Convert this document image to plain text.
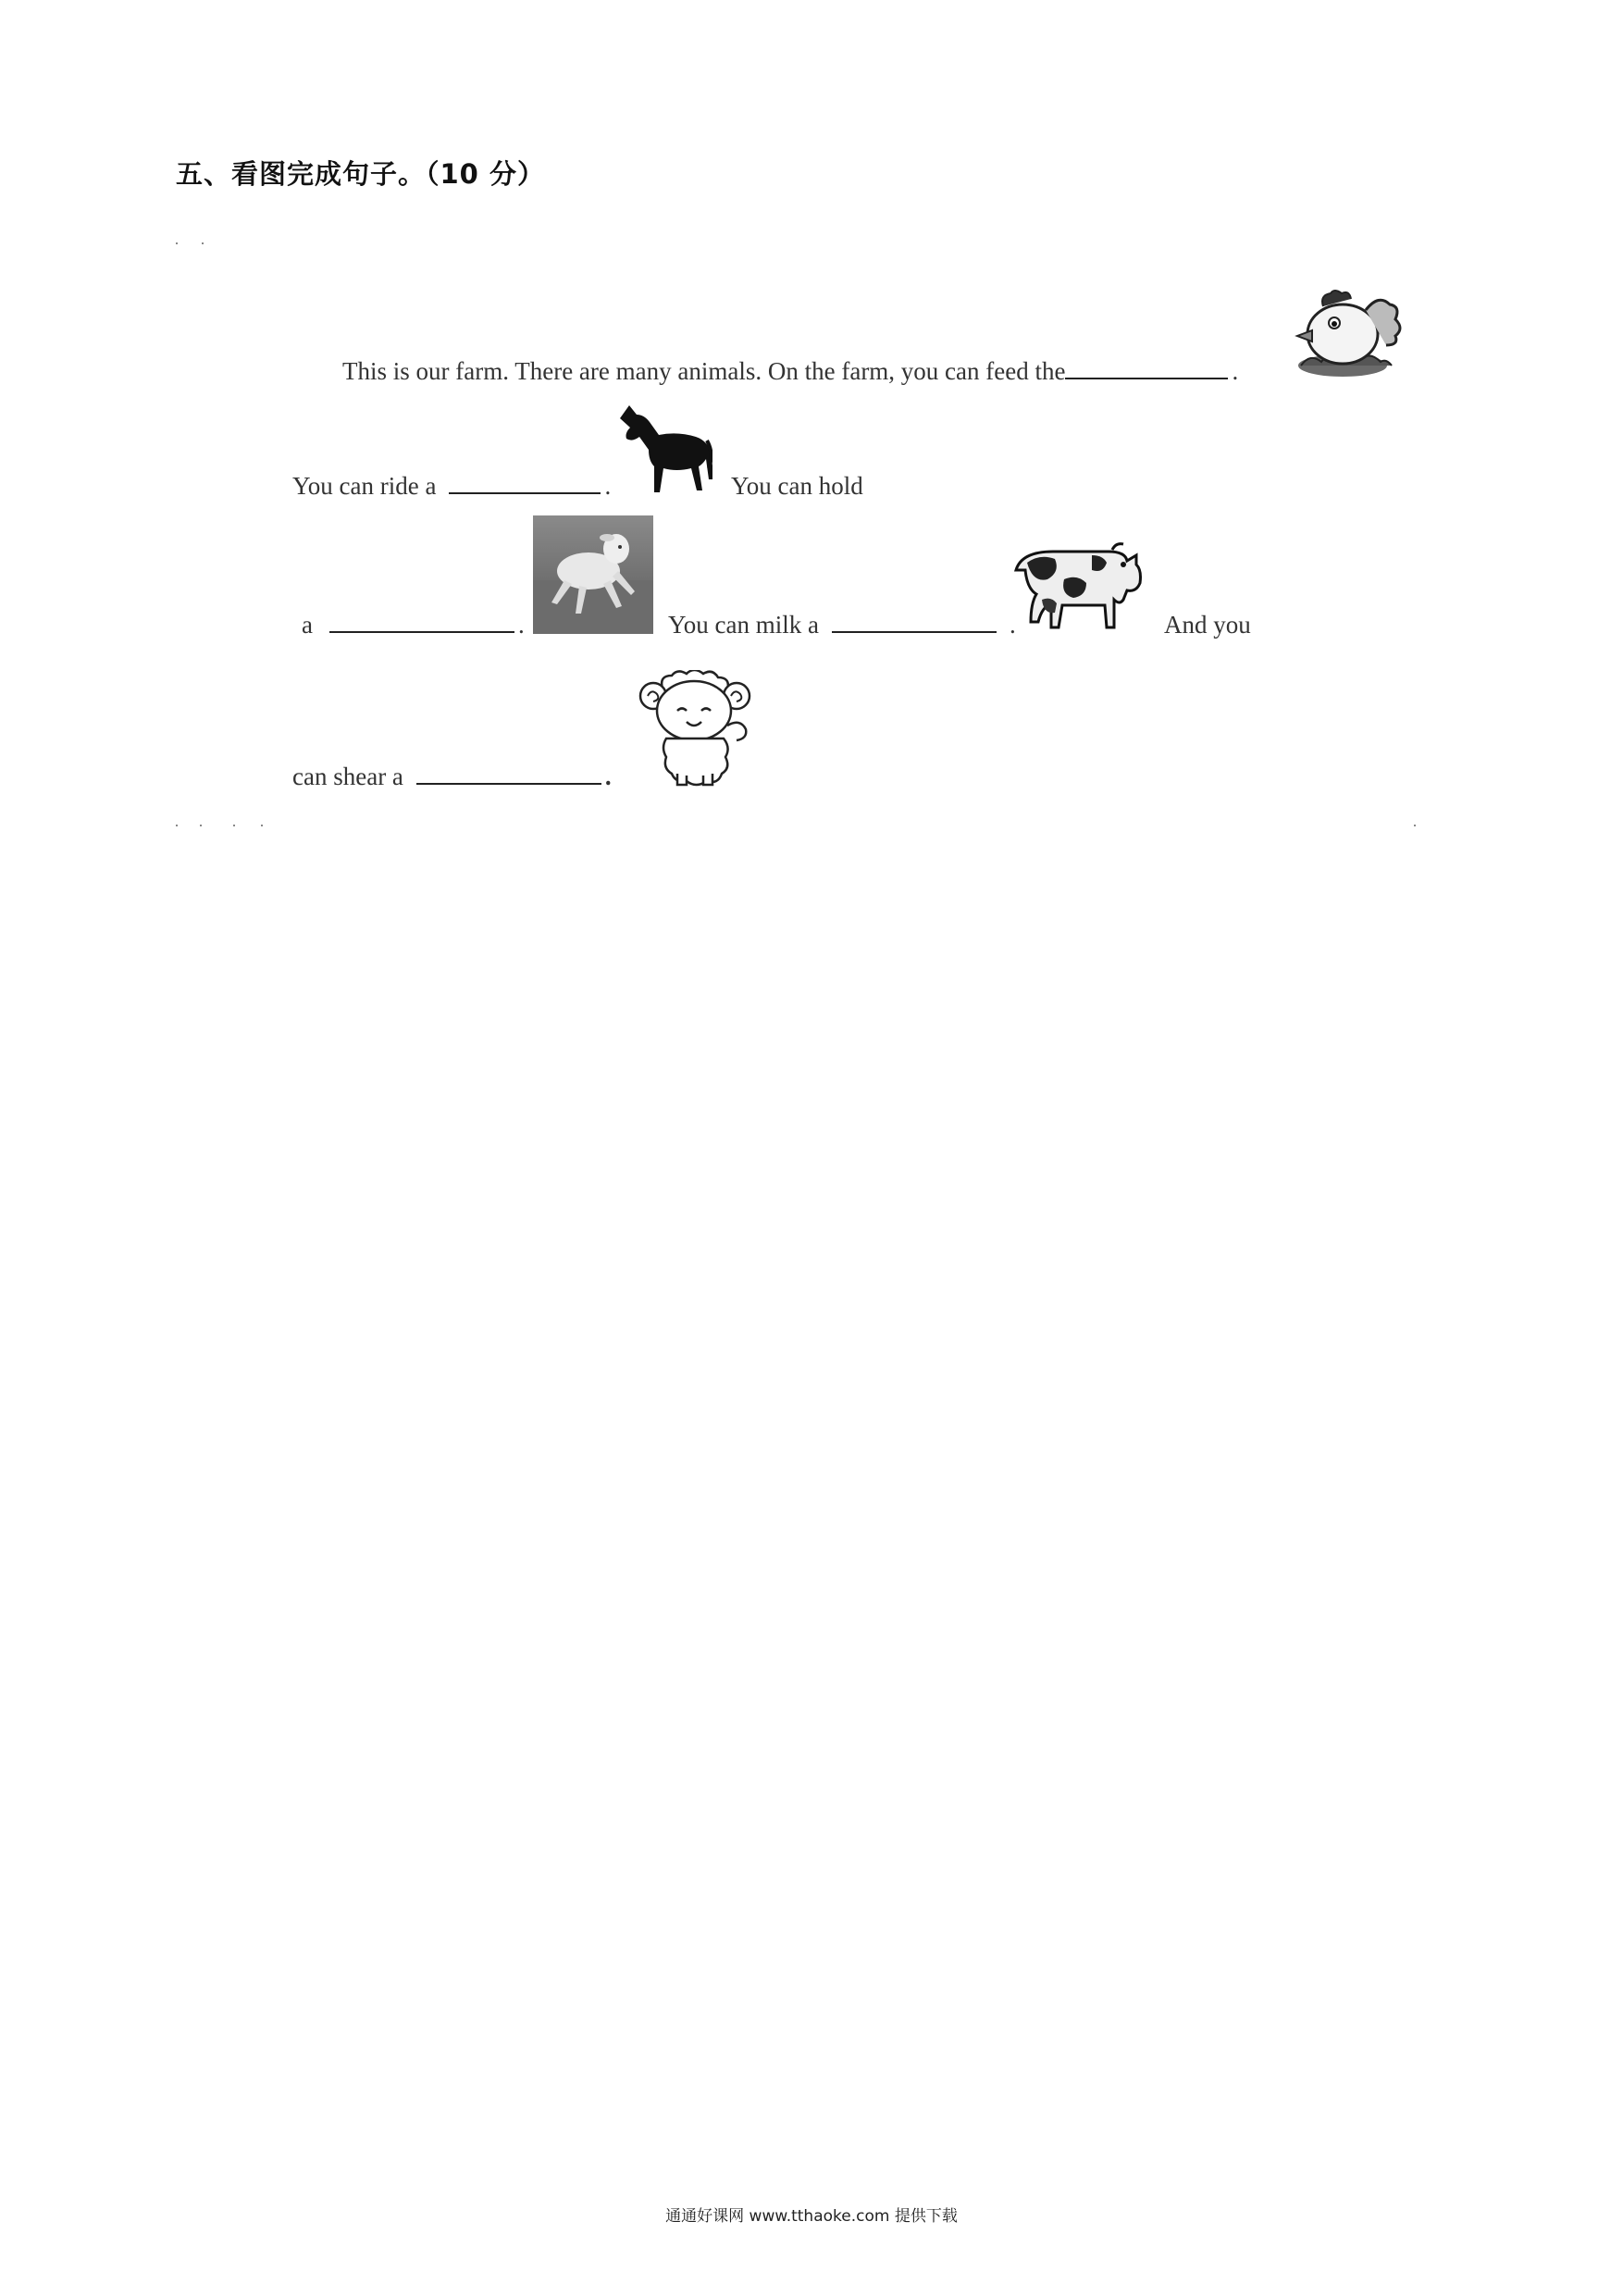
五、看图完成句子。（10 分）
This is our farm. There are many animals. On the farm, you can feed the	.
You can ride a	.	You can hold
a	.	You can milk a	.	And you
can shear a	.
通通好课网 www.tthaoke.com 提供下载
